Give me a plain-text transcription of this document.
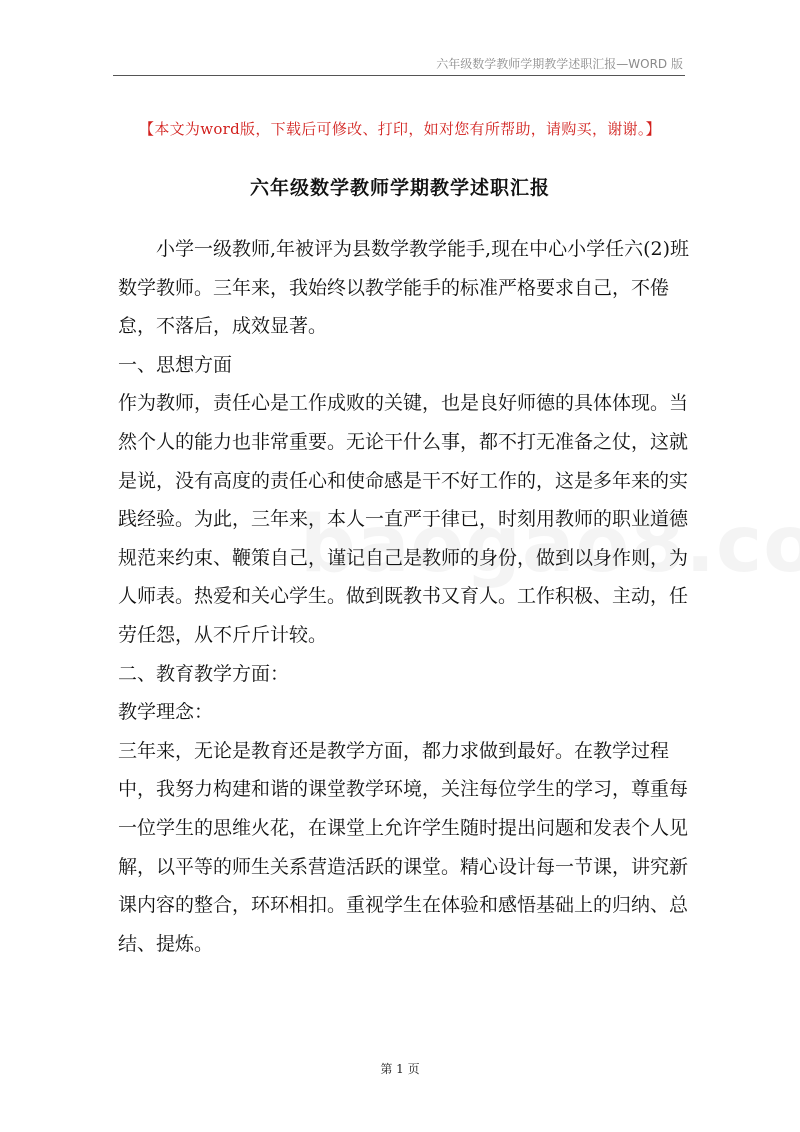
六年级数学教师学期教学述职汇报—WORD 版
【本文为word版，下载后可修改、打印，如对您有所帮助，请购买，谢谢。】
六年级数学教师学期教学述职汇报

小学一级教师,年被评为县数学教学能手,现在中心小学任六(2)班数学教师。三年来，我始终以教学能手的标准严格要求自己，不倦怠，不落后，成效显著。

一、思想方面

作为教师，责任心是工作成败的关键，也是良好师德的具体体现。当然个人的能力也非常重要。无论干什么事，都不打无准备之仗，这就是说，没有高度的责任心和使命感是干不好工作的，这是多年来的实践经验。为此，三年来，本人一直严于律已，时刻用教师的职业道德规范来约束、鞭策自己，谨记自己是教师的身份，做到以身作则，为人师表。热爱和关心学生。做到既教书又育人。工作积极、主动，任劳任怨，从不斤斤计较。

二、教育教学方面：

教学理念：

三年来，无论是教育还是教学方面，都力求做到最好。在教学过程中，我努力构建和谐的课堂教学环境，关注每位学生的学习，尊重每一位学生的思维火花，在课堂上允许学生随时提出问题和发表个人见解，以平等的师生关系营造活跃的课堂。精心设计每一节课，讲究新课内容的整合，环环相扣。重视学生在体验和感悟基础上的归纳、总结、提炼。

第 1 页
